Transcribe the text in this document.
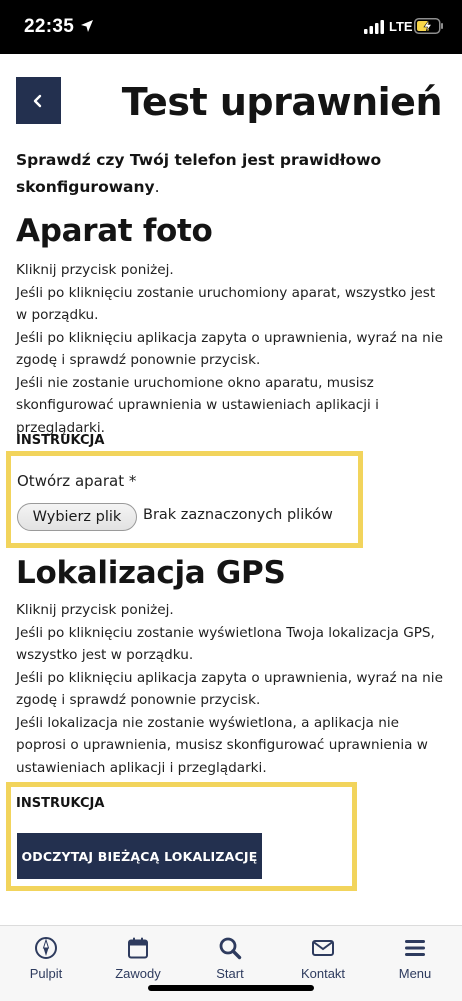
22:35	LTE
Test uprawnień

Sprawdź czy Twój telefon jest prawidłowo skonfigurowany.

Aparat foto
Kliknij przycisk poniżej.
Jeśli po kliknięciu zostanie uruchomiony aparat, wszystko jest w porządku.
Jeśli po kliknięciu aplikacja zapyta o uprawnienia, wyraź na nie zgodę i sprawdź ponownie przycisk.
Jeśli nie zostanie uruchomione okno aparatu, musisz skonfigurować uprawnienia w ustawieniach aplikacji i przeglądarki.
INSTRUKCJA
Otwórz aparat *
Wybierz plik	Brak zaznaczonych plików
Lokalizacja GPS
Kliknij przycisk poniżej.
Jeśli po kliknięciu zostanie wyświetlona Twoja lokalizacja GPS, wszystko jest w porządku.
Jeśli po kliknięciu aplikacja zapyta o uprawnienia, wyraź na nie zgodę i sprawdź ponownie przycisk.
Jeśli lokalizacja nie zostanie wyświetlona, a aplikacja nie poprosi o uprawnienia, musisz skonfigurować uprawnienia w ustawieniach aplikacji i przeglądarki.
INSTRUKCJA
ODCZYTAJ BIEŻĄCĄ LOKALIZACJĘ
Pulpit	Zawody	Start	Kontakt	Menu
